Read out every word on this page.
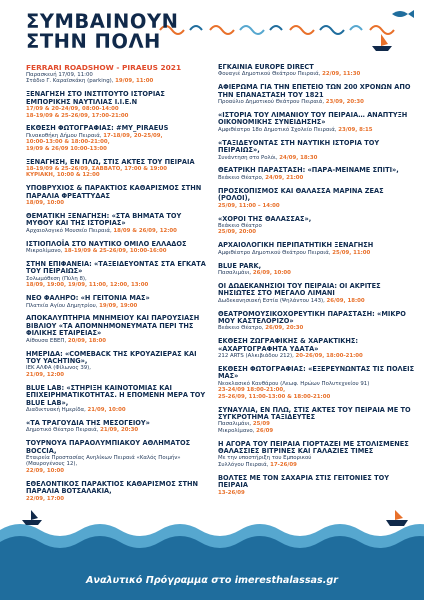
ΣΥΜΒΑΙΝΟΥΝ
ΣΤΗΝ ΠΟΛΗ
FERRARI ROADSHOW - PIRAEUS 2021
Παρασκευή 17/09, 11:00
Στάδιο Γ. Καραϊσκάκη (parking), 19/09, 11:00
ΞΕΝΑΓΗΣΗ ΣΤΟ ΙΝΣΤΙΤΟΥΤΟ ΙΣΤΟΡΙΑΣ ΕΜΠΟΡΙΚΗΣ ΝΑΥΤΙΛΙΑΣ Ι.Ι.Ε.Ν
17/09 & 20-24/09, 08:00-14:00
18-19/09 & 25-26/09, 17:00-21:00
ΕΚΘΕΣΗ ΦΩΤΟΓΡΑΦΙΑΣ: #MY_PIRAEUS
Πινακοθήκη Δήμου Πειραιά, 17-18/09, 20-25/09,
10:00-13:00 & 18:00-21:00,
19/09 & 26/09 10:00-13:00
ΞΕΝΑΓΗΣΗ, ΕΝ ΠΛΩ, ΣΤΙΣ ΑΚΤΕΣ ΤΟΥ ΠΕΙΡΑΙΑ
18-19/09 & 25-26/09, ΣΑΒΒΑΤΟ, 17:00 & 19:00
ΚΥΡΙΑΚΗ, 10:00 & 12:00
ΥΠΟΒΡΥΧΙΟΣ & ΠΑΡΑΚΤΙΟΣ ΚΑΘΑΡΙΣΜΟΣ ΣΤΗΝ ΠΑΡΑΛΙΑ ΦΡΕΑΤΤΥΔΑΣ
18/09, 10:00
ΘΕΜΑΤΙΚΗ ΞΕΝΑΓΗΣΗ: «ΣΤΑ ΒΗΜΑΤΑ ΤΟΥ ΜΥΘΟΥ ΚΑΙ ΤΗΣ ΙΣΤΟΡΙΑΣ»
Αρχαιολογικό Μουσείο Πειραιά, 18/09 & 26/09, 12:00
ΙΣΤΙΟΠΛΟΪΑ ΣΤΟ ΝΑΥΤΙΚΟ ΟΜΙΛΟ ΕΛΛΑΔΟΣ
Μικρολίμανο, 18-19/09 & 25-26/09, 10:00-16:00
ΣΤΗΝ ΕΠΙΦΑΝΕΙΑ: «ΤΑΞΕΙΔΕΥΟΝΤΑΣ ΣΤΑ ΕΓΚΑΤΑ ΤΟΥ ΠΕΙΡΑΙΩΣ»
Σολωμόθεση (Πύλη 8),
18/09, 19:00, 19/09, 11:00, 12:00, 13:00
ΝΕΟ ΦΑΛΗΡΟ: «Η ΓΕΙΤΟΝΙΑ ΜΑΣ»
Πλατεία Αγίου Δημητρίου, 19/09, 19:00
ΑΠΟΚΑΛΥΠΤΗΡΙΑ ΜΝΗΜΕΙΟΥ ΚΑΙ ΠΑΡΟΥΣΙΑΣΗ ΒΙΒΛΙΟΥ «ΤΑ ΑΠΟΜΝΗΜΟΝΕΥΜΑΤΑ ΠΕΡΙ ΤΗΣ ΦΙΛΙΚΗΣ ΕΤΑΙΡΕΙΑΣ»
Αίθουσα ΕΒΕΠ, 20/09, 18:00
ΗΜΕΡΙΔΑ: «COMEBACK ΤΗΣ ΚΡΟΥΑΖΙΕΡΑΣ ΚΑΙ ΤΟΥ YACHTING»,
ΙΕΚ ΑΛΦΑ (Φίλωνος 39),
21/09, 12:00
BLUE LAB: «ΣΤΗΡΙΞΗ ΚΑΙΝΟΤΟΜΙΑΣ ΚΑΙ ΕΠΙΧΕΙΡΗΜΑΤΙΚΟΤΗΤΑΣ. Η ΕΠΟΜΕΝΗ ΜΕΡΑ ΤΟΥ BLUE LAB»,
Διαδικτυακή Ημερίδα, 21/09, 10:00
«ΤΑ ΤΡΑΓΟΥΔΙΑ ΤΗΣ ΜΕΣΟΓΕΙΟΥ»
Δημοτικό Θέατρο Πειραιά, 21/09, 20:30
ΤΟΥΡΝΟΥΑ ΠΑΡΑΟΛΥΜΠΙΑΚΟΥ ΑΘΛΗΜΑΤΟΣ BOCCIA,
Εταιρεία Προστασίας Ανηλίκων Πειραιά «Καλός Ποιμήν» (Μαυρογένους 12),
22/09, 10:00
ΕΘΕΛΟΝΤΙΚΟΣ ΠΑΡΑΚΤΙΟΣ ΚΑΘΑΡΙΣΜΟΣ ΣΤΗΝ ΠΑΡΑΛΙΑ ΒΟΤΣΑΛΑΚΙΑ,
22/09, 17:00
ΕΓΚΑΙΝΙΑ EUROPE DIRECT
Φουαγιέ Δημοτικού Θεάτρου Πειραιά, 22/09, 11:30
ΑΦΙΕΡΩΜΑ ΓΙΑ ΤΗΝ ΕΠΕΤΕΙΟ ΤΩΝ 200 ΧΡΟΝΩΝ ΑΠΟ ΤΗΝ ΕΠΑΝΑΣΤΑΣΗ ΤΟΥ 1821
Προαύλιο Δημοτικού Θεάτρου Πειραιά, 23/09, 20:30
«ΙΣΤΟΡΙΑ ΤΟΥ ΛΙΜΑΝΙΟΥ ΤΟΥ ΠΕΙΡΑΙΑ… ΑΝΑΠΤΥΞΗ ΟΙΚΟΝΟΜΙΚΗΣ ΣΥΝΕΙΔΗΣΗΣ»
Αμφιθέατρο 18ο Δημοτικό Σχολείο Πειραιά, 23/09, 8:15
«ΤΑΞΙΔΕΥΟΝΤΑΣ ΣΤΗ ΝΑΥΤΙΚΗ ΙΣΤΟΡΙΑ ΤΟΥ ΠΕΙΡΑΙΩΣ»,
Συνάντηση στο Ρολόι, 24/09, 18:30
ΘΕΑΤΡΙΚΗ ΠΑΡΑΣΤΑΣΗ: «ΠΑΡΑ-ΜΕΙΝΑΜΕ ΣΠΙΤΙ»,
Βεάκειο Θέατρο, 24/09, 21:00
ΠΡΟΣΚΟΠΙΣΜΟΣ ΚΑΙ ΘΑΛΑΣΣΑ ΜΑΡΙΝΑ ΖΕΑΣ (ΡΟΛΟΙ),
25/09, 11:00 – 14:00
«ΧΟΡΟΙ ΤΗΣ ΘΑΛΑΣΣΑΣ»,
Βεάκειο Θέατρο
25/09, 20:00
ΑΡΧΑΙΟΛΟΓΙΚΗ ΠΕΡΙΠΑΤΗΤΙΚΗ ΞΕΝΑΓΗΣΗ
Αμφιθέατρο Δημοτικού Θεάτρου Πειραιά, 25/09, 11:00
BLUE PARK,
Πασαλιμάνι, 26/09, 10:00
ΟΙ ΔΩΔΕΚΑΝΗΣΙΟΙ ΤΟΥ ΠΕΙΡΑΙΑ: ΟΙ ΑΚΡΙΤΕΣ ΝΗΣΙΩΤΕΣ ΣΤΟ ΜΕΓΑΛΟ ΛΙΜΑΝΙ
Δωδεκανησιακή Εστία (Ψηλάντου 143), 26/09, 18:00
ΘΕΑΤΡΟΜΟΥΣΙΚΟΧΟΡΕΥΤΙΚΗ ΠΑΡΑΣΤΑΣΗ: «ΜΙΚΡΟ ΜΟΥ ΚΑΣΤΕΛΟΡΙΖΟ»
Βεάκειο Θέατρο, 26/09, 20:30
ΕΚΘΕΣΗ ΖΩΓΡΑΦΙΚΗΣ & ΧΑΡΑΚΤΙΚΗΣ: «ΑΧΑΡΤΟΓΡΑΦΗΤΑ ΥΔΑΤΑ»
212 ARTS (Αλκιβιάδου 212), 20-26/09, 18:00-21:00
ΕΚΘΕΣΗ ΦΩΤΟΓΡΑΦΙΑΣ: «ΕΞΕΡΕΥΝΩΝΤΑΣ ΤΙΣ ΠΟΛΕΙΣ ΜΑΣ»
Νεοκλασικό Κανθάρου (Λεωφ. Ηρώων Πολυτεχνείου 91)
23-24/09 18:00-21:00,
25-26/09, 11:00-13:00 & 18:00-21:00
ΣΥΝΑΥΛΙΑ, ΕΝ ΠΛΩ, ΣΤΙΣ ΑΚΤΕΣ ΤΟΥ ΠΕΙΡΑΙΑ ΜΕ ΤΟ ΣΥΓΚΡΟΤΗΜΑ ΤΑΞΙΔΕΥΤΕΣ
Πασαλιμάνι, 25/09
Μικρολίμανο, 26/09
Η ΑΓΟΡΑ ΤΟΥ ΠΕΙΡΑΙΑ ΓΙΟΡΤΑΖΕΙ ΜΕ ΣΤΟΛΙΣΜΕΝΕΣ ΘΑΛΑΣΣΙΕΣ ΒΙΤΡΙΝΕΣ ΚΑΙ ΓΑΛΑΖΙΕΣ ΤΙΜΕΣ
Με την υποστήριξη του Εμπορικού
Συλλόγου Πειραιά, 17-26/09
ΒΟΛΤΕΣ ΜΕ ΤΟΝ ΣΑΧΑΡΙΑ ΣΤΙΣ ΓΕΙΤΟΝΙΕΣ ΤΟΥ ΠΕΙΡΑΙΑ
13-26/09
Αναλυτικό Πρόγραμμα στο imeresthalassas.gr
